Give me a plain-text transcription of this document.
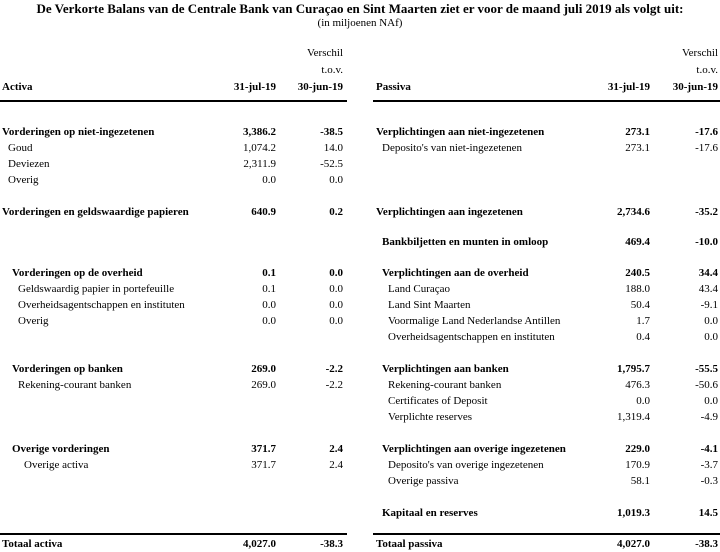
De Verkorte Balans van de Centrale Bank van Curaçao en Sint Maarten ziet er voor de maand juli 2019 als volgt uit:
(in miljoenen NAf)
Verschil
t.o.v.
Activa	31-jul-19	30-jun-19
Verschil
t.o.v.
Passiva	31-jul-19	30-jun-19
Vorderingen op niet-ingezetenen	3,386.2	-38.5
Goud	1,074.2	14.0
Deviezen	2,311.9	-52.5
Overig	0.0	0.0
Vorderingen en geldswaardige papieren	640.9	0.2
Vorderingen op de overheid	0.1	0.0
Geldswaardig papier in portefeuille	0.1	0.0
Overheidsagentschappen en instituten	0.0	0.0
Overig	0.0	0.0
Vorderingen op banken	269.0	-2.2
Rekening-courant banken	269.0	-2.2
Overige vorderingen	371.7	2.4
Overige activa	371.7	2.4
Verplichtingen aan niet-ingezetenen	273.1	-17.6
Deposito's van niet-ingezetenen	273.1	-17.6
Verplichtingen aan ingezetenen	2,734.6	-35.2
Bankbiljetten en munten in omloop	469.4	-10.0
Verplichtingen aan de overheid	240.5	34.4
Land Curaçao	188.0	43.4
Land Sint Maarten	50.4	-9.1
Voormalige Land Nederlandse Antillen	1.7	0.0
Overheidsagentschappen en instituten	0.4	0.0
Verplichtingen aan banken	1,795.7	-55.5
Rekening-courant banken	476.3	-50.6
Certificates of Deposit	0.0	0.0
Verplichte reserves	1,319.4	-4.9
Verplichtingen aan overige ingezetenen	229.0	-4.1
Deposito's van overige ingezetenen	170.9	-3.7
Overige passiva	58.1	-0.3
Kapitaal en reserves	1,019.3	14.5
Totaal activa	4,027.0	-38.3	Totaal passiva	4,027.0	-38.3
